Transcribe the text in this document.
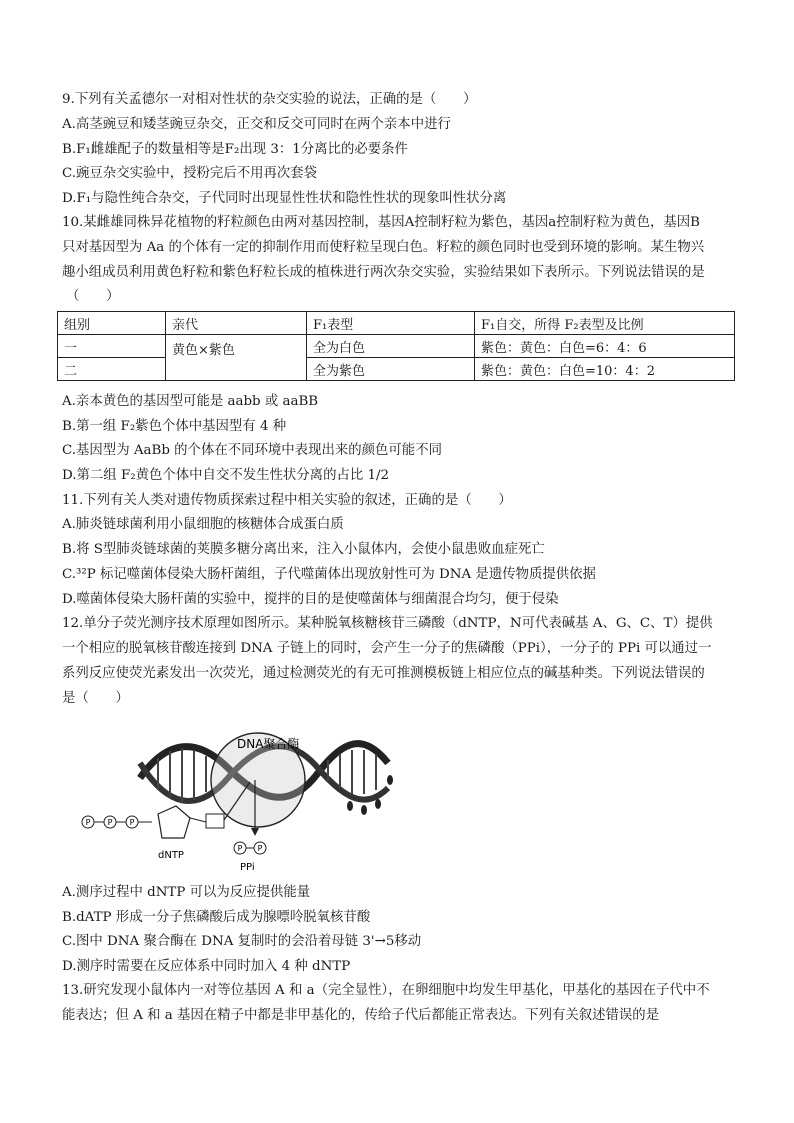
9.下列有关孟德尔一对相对性状的杂交实验的说法，正确的是（　　）
A.高茎豌豆和矮茎豌豆杂交，正交和反交可同时在两个亲本中进行
B.F₁雌雄配子的数量相等是F₂出现 3：1分离比的必要条件
C.豌豆杂交实验中，授粉完后不用再次套袋
D.F₁与隐性纯合杂交，子代同时出现显性性状和隐性性状的现象叫性状分离
10.某雌雄同株异花植物的籽粒颜色由两对基因控制，基因A控制籽粒为紫色，基因a控制籽粒为黄色，基因B
只对基因型为 Aa 的个体有一定的抑制作用而使籽粒呈现白色。籽粒的颜色同时也受到环境的影响。某生物兴
趣小组成员利用黄色籽粒和紫色籽粒长成的植株进行两次杂交实验，实验结果如下表所示。下列说法错误的是
（　　）
组别	亲代	F₁表型	F₁自交，所得 F₂表型及比例
一	黄色×紫色	全为白色	紫色：黄色：白色=6：4：6
二		全为紫色	紫色：黄色：白色=10：4：2
A.亲本黄色的基因型可能是 aabb 或 aaBB
B.第一组 F₂紫色个体中基因型有 4 种
C.基因型为 AaBb 的个体在不同环境中表现出来的颜色可能不同
D.第二组 F₂黄色个体中自交不发生性状分离的占比 1/2
11.下列有关人类对遗传物质探索过程中相关实验的叙述，正确的是（　　）
A.肺炎链球菌利用小鼠细胞的核糖体合成蛋白质
B.将 S型肺炎链球菌的荚膜多糖分离出来，注入小鼠体内，会使小鼠患败血症死亡
C.³²P 标记噬菌体侵染大肠杆菌组，子代噬菌体出现放射性可为 DNA 是遗传物质提供依据
D.噬菌体侵染大肠杆菌的实验中，搅拌的目的是使噬菌体与细菌混合均匀，便于侵染
12.单分子荧光测序技术原理如图所示。某种脱氧核糖核苷三磷酸（dNTP，N可代表碱基 A、G、C、T）提供
一个相应的脱氧核苷酸连接到 DNA 子链上的同时，会产生一分子的焦磷酸（PPi），一分子的 PPi 可以通过一
系列反应使荧光素发出一次荧光，通过检测荧光的有无可推测模板链上相应位点的碱基种类。下列说法错误的
是（　　）
DNA聚合酶
P P P
dNTP
P P
PPi
A.测序过程中 dNTP 可以为反应提供能量
B.dATP 形成一分子焦磷酸后成为腺嘌呤脱氧核苷酸
C.图中 DNA 聚合酶在 DNA 复制时的会沿着母链 3'→5移动
D.测序时需要在反应体系中同时加入 4 种 dNTP
13.研究发现小鼠体内一对等位基因 A 和 a（完全显性），在卵细胞中均发生甲基化，甲基化的基因在子代中不
能表达；但 A 和 a 基因在精子中都是非甲基化的，传给子代后都能正常表达。下列有关叙述错误的是
